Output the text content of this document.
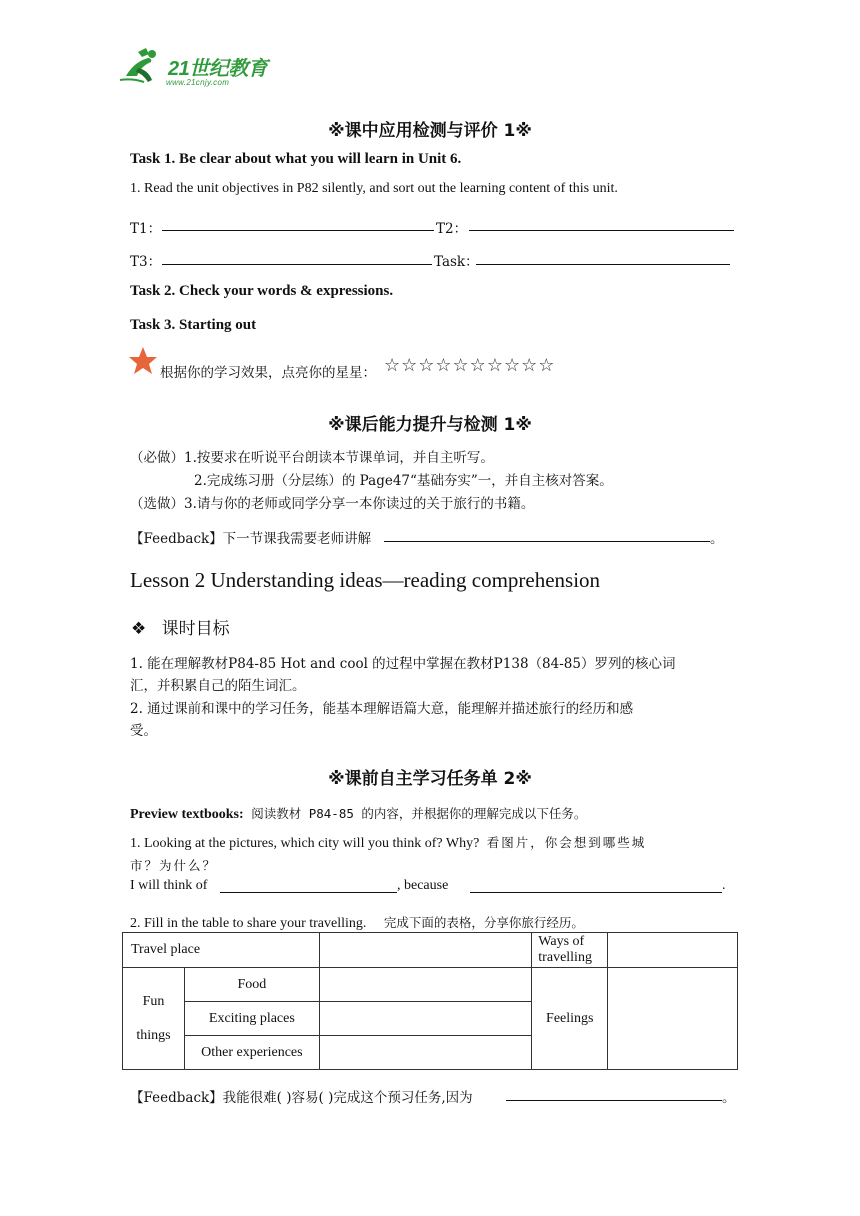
21世纪教育
www.21cnjy.com
※课中应用检测与评价 1※
Task 1. Be clear about what you will learn in Unit 6.
1. Read the unit objectives in P82 silently, and sort out the learning content of this unit.
T1：	T2：
T3：	Task：
Task 2. Check your words & expressions.
Task 3. Starting out
根据你的学习效果，点亮你的星星： ☆☆☆☆☆☆☆☆☆☆
※课后能力提升与检测 1※
（必做）1.按要求在听说平台朗读本节课单词，并自主听写。
2.完成练习册（分层练）的 Page47“基础夯实”一，并自主核对答案。
（选做）3.请与你的老师或同学分享一本你读过的关于旅行的书籍。
【Feedback】下一节课我需要老师讲解	。
Lesson 2 Understanding ideas—reading comprehension
❖ 课时目标
1. 能在理解教材P84-85 Hot and cool 的过程中掌握在教材P138（84-85）罗列的核心词
汇，并积累自己的陌生词汇。
2. 通过课前和课中的学习任务，能基本理解语篇大意，能理解并描述旅行的经历和感
受。
※课前自主学习任务单 2※
Preview textbooks: 阅读教材 P84-85 的内容，并根据你的理解完成以下任务。
1. Looking at the pictures, which city will you think of? Why? 看图片，你会想到哪些城
市？为什么？
I will think of	, because	.
2. Fill in the table to share your travelling. 完成下面的表格，分享你旅行经历。
Travel place			Ways of travelling	
Fun
things	Food		Feelings	
	Exciting places			
	Other experiences			
【Feedback】我能很难( )容易( )完成这个预习任务,因为	。
